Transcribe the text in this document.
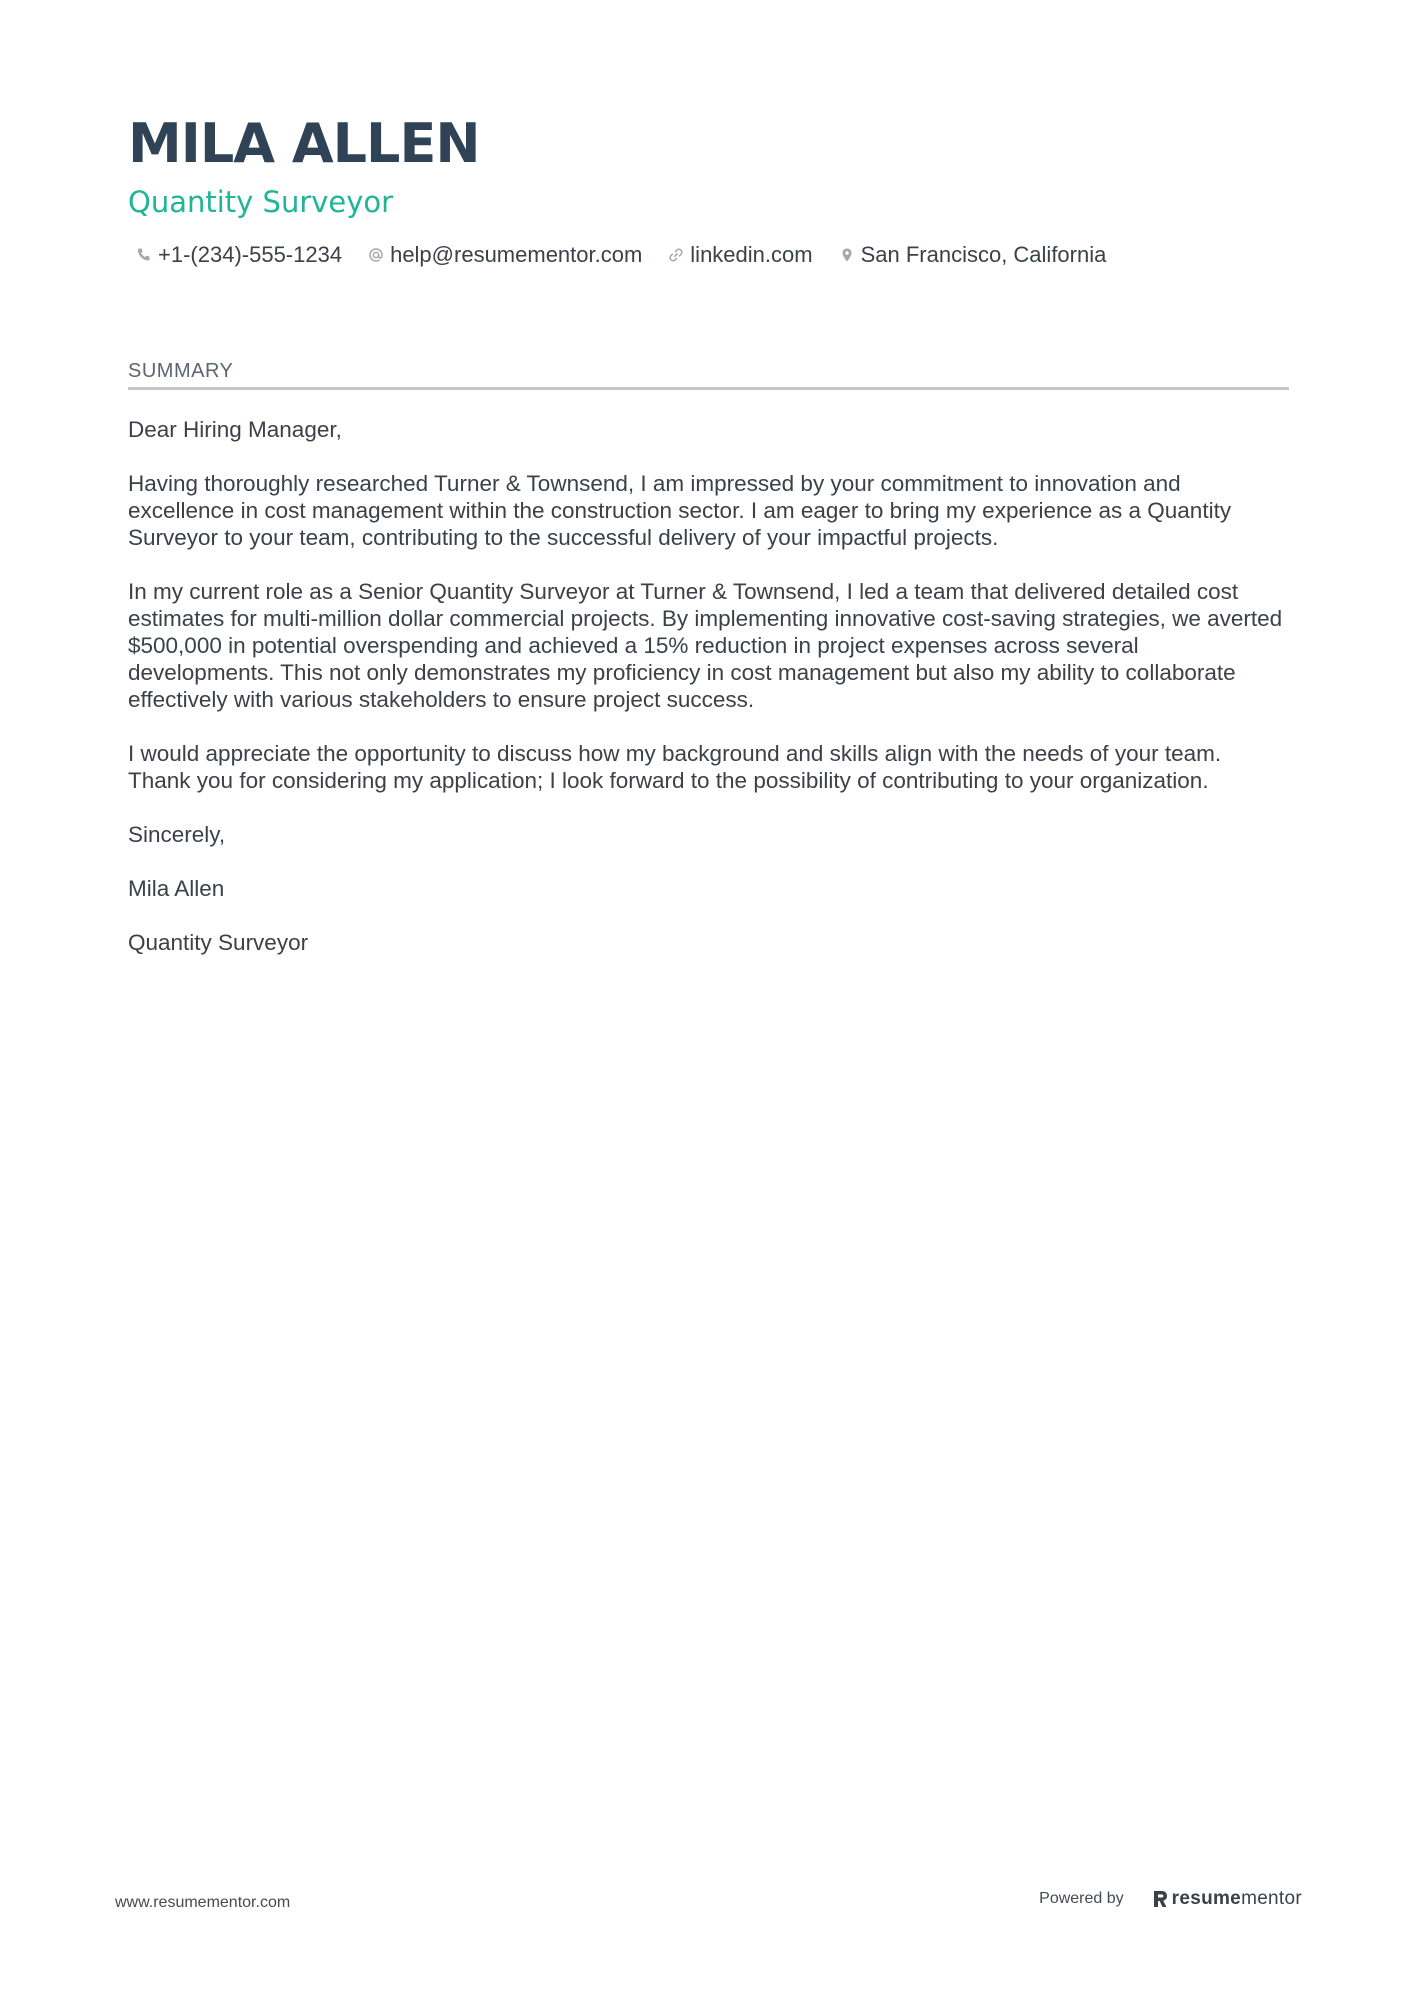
MILA ALLEN
Quantity Surveyor
+1-(234)-555-1234 help@resumementor.com linkedin.com San Francisco, California
SUMMARY

Dear Hiring Manager,

Having thoroughly researched Turner & Townsend, I am impressed by your commitment to innovation and excellence in cost management within the construction sector. I am eager to bring my experience as a Quantity Surveyor to your team, contributing to the successful delivery of your impactful projects.

In my current role as a Senior Quantity Surveyor at Turner & Townsend, I led a team that delivered detailed cost estimates for multi-million dollar commercial projects. By implementing innovative cost-saving strategies, we averted $500,000 in potential overspending and achieved a 15% reduction in project expenses across several developments. This not only demonstrates my proficiency in cost management but also my ability to collaborate effectively with various stakeholders to ensure project success.

I would appreciate the opportunity to discuss how my background and skills align with the needs of your team. Thank you for considering my application; I look forward to the possibility of contributing to your organization.

Sincerely,

Mila Allen

Quantity Surveyor

www.resumementor.com	Powered by	resume mentor
